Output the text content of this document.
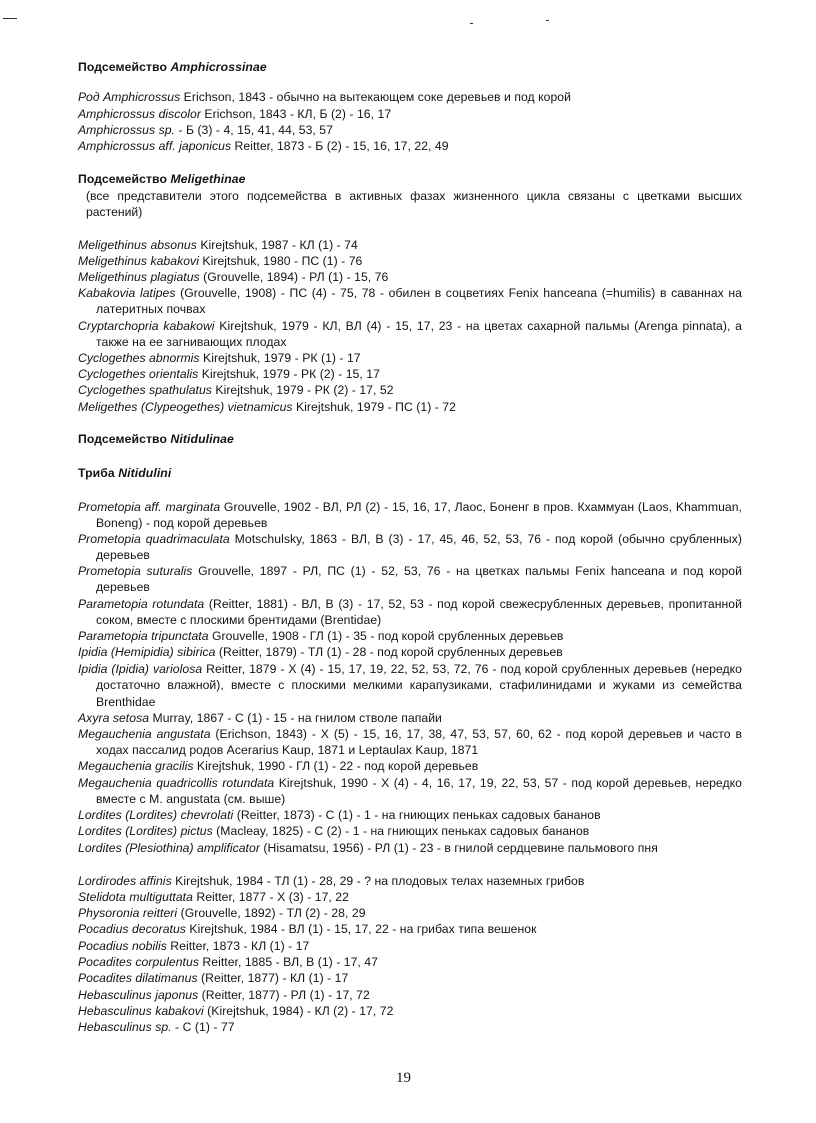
Подсемейство Amphicrossinae
Род Amphicrossus Erichson, 1843 - обычно на вытекающем соке деревьев и под корой
Amphicrossus discolor Erichson, 1843 - КЛ, Б (2) - 16, 17
Amphicrossus sp. - Б (3) - 4, 15, 41, 44, 53, 57
Amphicrossus aff. japonicus Reitter, 1873 - Б (2) - 15, 16, 17, 22, 49
Подсемейство Meligethinae
(все представители этого подсемейства в активных фазах жизненного цикла связаны с цветками высших растений)
Meligethinus absonus Kirejtshuk, 1987 - КЛ (1) - 74
Meligethinus kabakovi Kirejtshuk, 1980 - ПС (1) - 76
Meligethinus plagiatus (Grouvelle, 1894) - РЛ (1) - 15, 76
Kabakovia latipes (Grouvelle, 1908) - ПС (4) - 75, 78 - обилен в соцветиях Fenix hanceana (=humilis) в саваннах на латеритных почвах
Cryptarchopria kabakowi Kirejtshuk, 1979 - КЛ, ВЛ (4) - 15, 17, 23 - на цветах сахарной пальмы (Arenga pinnata), а также на ее загнивающих плодах
Cyclogethes abnormis Kirejtshuk, 1979 - РК (1) - 17
Cyclogethes orientalis Kirejtshuk, 1979 - РК (2) - 15, 17
Cyclogethes spathulatus Kirejtshuk, 1979 - РК (2) - 17, 52
Meligethes (Clypeogethes) vietnamicus Kirejtshuk, 1979 - ПС (1) - 72
Подсемейство Nitidulinae
Триба Nitidulini
Prometopia aff. marginata Grouvelle, 1902 - ВЛ, РЛ (2) - 15, 16, 17, Лаос, Боненг в пров. Кхаммуан (Laos, Khammuan, Boneng) - под корой деревьев
Prometopia quadrimaculata Motschulsky, 1863 - ВЛ, В (3) - 17, 45, 46, 52, 53, 76 - под корой (обычно срубленных) деревьев
Prometopia suturalis Grouvelle, 1897 - РЛ, ПС (1) - 52, 53, 76 - на цветках пальмы Fenix hanceana и под корой деревьев
Parametopia rotundata (Reitter, 1881) - ВЛ, В (3) - 17, 52, 53 - под корой свежесрубленных деревьев, пропитанной соком, вместе с плоскими брентидами (Brentidae)
Parametopia tripunctata Grouvelle, 1908 - ГЛ (1) - 35 - под корой срубленных деревьев
Ipidia (Hemipidia) sibirica (Reitter, 1879) - ТЛ (1) - 28 - под корой срубленных деревьев
Ipidia (Ipidia) variolosa Reitter, 1879 - Х (4) - 15, 17, 19, 22, 52, 53, 72, 76 - под корой срубленных деревьев (нередко достаточно влажной), вместе с плоскими мелкими карапузиками, стафилинидами и жуками из семейства Brenthidae
Axyra setosa Murray, 1867 - С (1) - 15 - на гнилом стволе папайи
Megauchenia angustata (Erichson, 1843) - Х (5) - 15, 16, 17, 38, 47, 53, 57, 60, 62 - под корой деревьев и часто в ходах пассалид родов Acerarius Kaup, 1871 и Leptaulax Kaup, 1871
Megauchenia gracilis Kirejtshuk, 1990 - ГЛ (1) - 22 - под корой деревьев
Megauchenia quadricollis rotundata Kirejtshuk, 1990 - Х (4) - 4, 16, 17, 19, 22, 53, 57 - под корой деревьев, нередко вместе с M. angustata (см. выше)
Lordites (Lordites) chevrolati (Reitter, 1873) - С (1) - 1 - на гниющих пеньках садовых бананов
Lordites (Lordites) pictus (Macleay, 1825) - С (2) - 1 - на гниющих пеньках садовых бананов
Lordites (Plesiothina) amplificator (Hisamatsu, 1956) - РЛ (1) - 23 - в гнилой сердцевине пальмового пня
Lordirodes affinis Kirejtshuk, 1984 - ТЛ (1) - 28, 29 - ? на плодовых телах наземных грибов
Stelidota multiguttata Reitter, 1877 - Х (3) - 17, 22
Physoronia reitteri (Grouvelle, 1892) - ТЛ (2) - 28, 29
Pocadius decoratus Kirejtshuk, 1984 - ВЛ (1) - 15, 17, 22 - на грибах типа вешенок
Pocadius nobilis Reitter, 1873 - КЛ (1) - 17
Pocadites corpulentus Reitter, 1885 - ВЛ, В (1) - 17, 47
Pocadites dilatimanus (Reitter, 1877) - КЛ (1) - 17
Hebasculinus japonus (Reitter, 1877) - РЛ (1) - 17, 72
Hebasculinus kabakovi (Kirejtshuk, 1984) - КЛ (2) - 17, 72
Hebasculinus sp. - С (1) - 77
19
